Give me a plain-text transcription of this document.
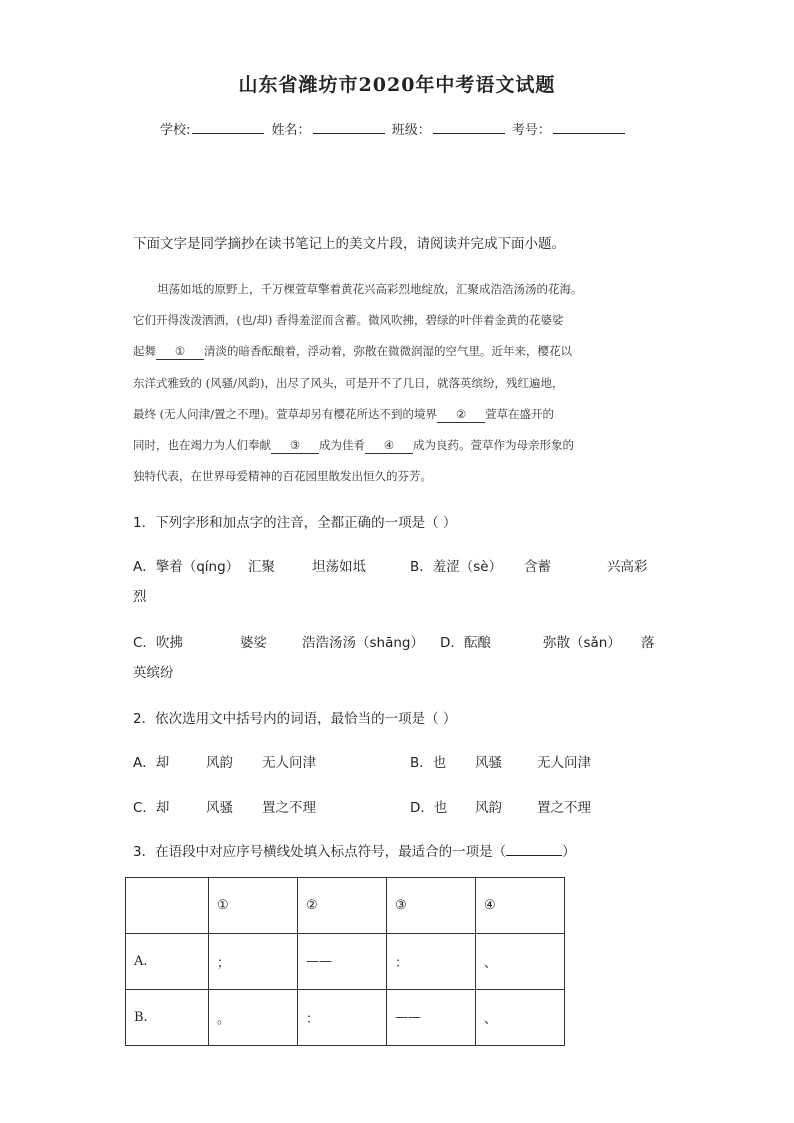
山东省潍坊市2020年中考语文试题
学校:	姓名：	班级：	考号：
下面文字是同学摘抄在读书笔记上的美文片段，请阅读并完成下面小题。
坦荡如坻的原野上，千万棵萱草擎着黄花兴高彩烈地绽放，汇聚成浩浩汤汤的花海。
它们开得泼泼洒洒，(也/却) 香得羞涩而含蓄。微风吹拂，碧绿的叶伴着金黄的花婆娑
起舞 ① 清淡的暗香酝酿着，浮动着，弥散在微微润湿的空气里。近年来，樱花以
东洋式雅致的 (风骚/风韵)，出尽了风头，可是开不了几日，就落英缤纷，残红遍地，
最终 (无人问津/置之不理)。萱草却另有樱花所达不到的境界 ② 萱草在盛开的
同时，也在竭力为人们奉献 ③ 成为佳肴 ④ 成为良药。萱草作为母亲形象的
独特代表，在世界母爱精神的百花园里散发出恒久的芬芳。
1．下列字形和加点字的注音，全都正确的一项是（ ）
A．擎着（qíng） 汇聚	坦荡如坻	B．羞涩（sè） 含蓄	兴高彩
烈
C．吹拂	婆娑	浩浩汤汤（shāng） D．酝酿	弥散（sǎn） 落
英缤纷
2．依次选用文中括号内的词语，最恰当的一项是（ ）
A．却	风韵 无人问津	B．也 风骚	无人问津
C．却	风骚 置之不理	D．也 风韵	置之不理
3．在语段中对应序号横线处填入标点符号，最适合的一项是（	）
	①	②	③	④
A.	；	——	：	、
B.	。	：	——	、
